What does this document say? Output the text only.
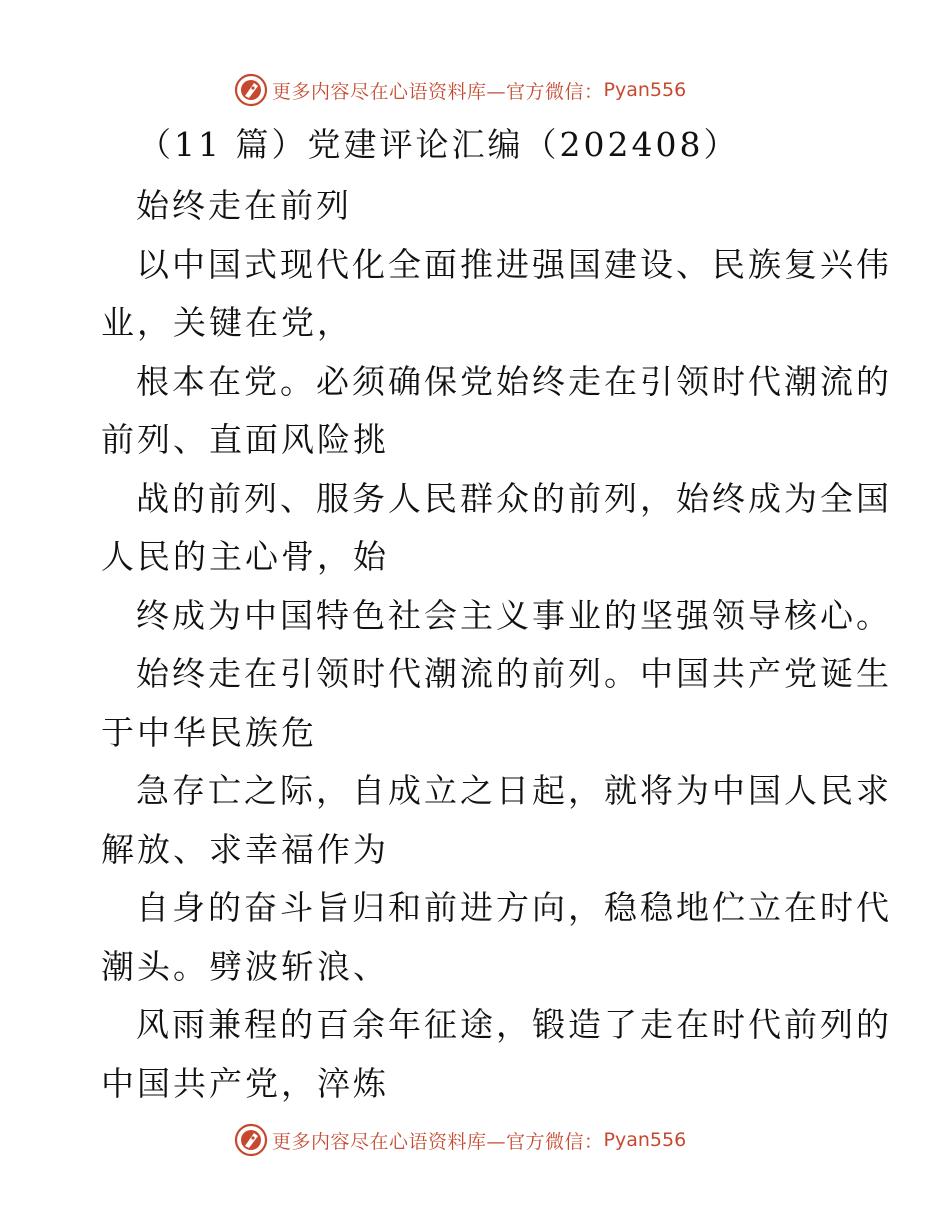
更多内容尽在心语资料库—官方微信： Pyan556
（11 篇）党建评论汇编（202408）
始终走在前列
以中国式现代化全面推进强国建设、民族复兴伟
业，关键在党，
根本在党。必须确保党始终走在引领时代潮流的
前列、直面风险挑
战的前列、服务人民群众的前列，始终成为全国
人民的主心骨，始
终成为中国特色社会主义事业的坚强领导核心。
始终走在引领时代潮流的前列。中国共产党诞生
于中华民族危
急存亡之际，自成立之日起，就将为中国人民求
解放、求幸福作为
自身的奋斗旨归和前进方向，稳稳地伫立在时代
潮头。劈波斩浪、
风雨兼程的百余年征途，锻造了走在时代前列的
中国共产党，淬炼
更多内容尽在心语资料库—官方微信： Pyan556
